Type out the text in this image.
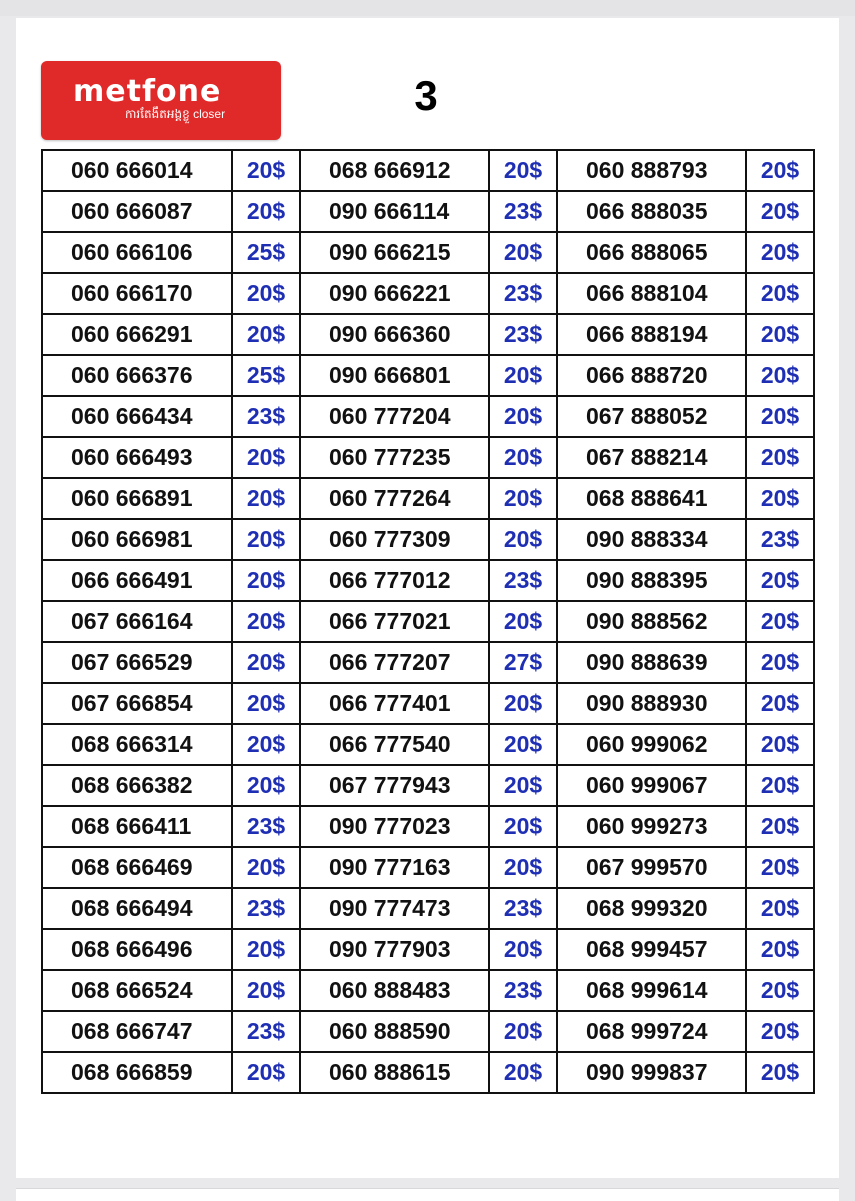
metfone
ការតែងឹតអង្គខ្លួ closer	3
060 666014	20$	068 666912	20$	060 888793	20$
060 666087	20$	090 666114	23$	066 888035	20$
060 666106	25$	090 666215	20$	066 888065	20$
060 666170	20$	090 666221	23$	066 888104	20$
060 666291	20$	090 666360	23$	066 888194	20$
060 666376	25$	090 666801	20$	066 888720	20$
060 666434	23$	060 777204	20$	067 888052	20$
060 666493	20$	060 777235	20$	067 888214	20$
060 666891	20$	060 777264	20$	068 888641	20$
060 666981	20$	060 777309	20$	090 888334	23$
066 666491	20$	066 777012	23$	090 888395	20$
067 666164	20$	066 777021	20$	090 888562	20$
067 666529	20$	066 777207	27$	090 888639	20$
067 666854	20$	066 777401	20$	090 888930	20$
068 666314	20$	066 777540	20$	060 999062	20$
068 666382	20$	067 777943	20$	060 999067	20$
068 666411	23$	090 777023	20$	060 999273	20$
068 666469	20$	090 777163	20$	067 999570	20$
068 666494	23$	090 777473	23$	068 999320	20$
068 666496	20$	090 777903	20$	068 999457	20$
068 666524	20$	060 888483	23$	068 999614	20$
068 666747	23$	060 888590	20$	068 999724	20$
068 666859	20$	060 888615	20$	090 999837	20$
